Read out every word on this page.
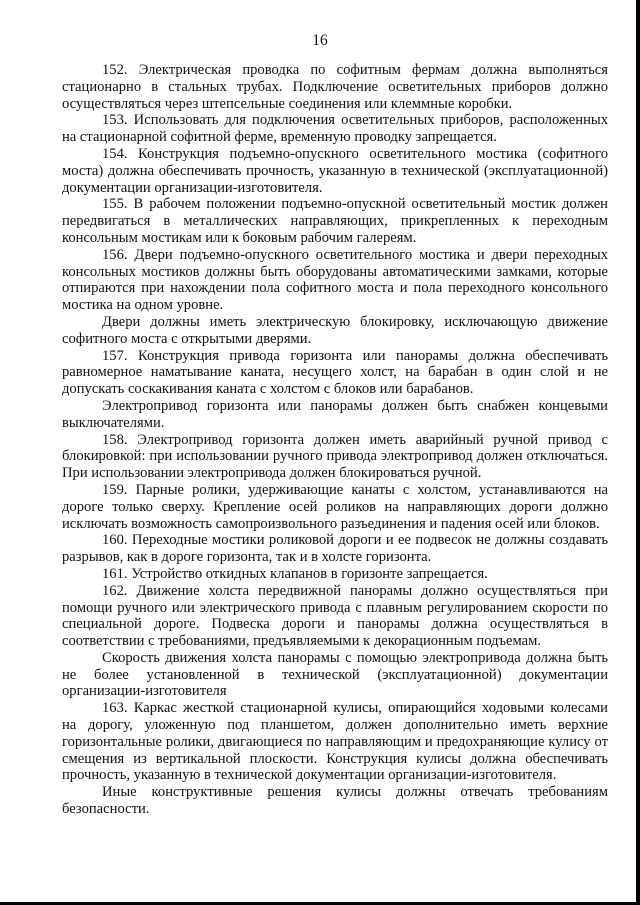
16

152. Электрическая проводка по софитным фермам должна выполняться стационарно в стальных трубах. Подключение осветительных приборов должно осуществляться через штепсельные соединения или клеммные коробки.

153. Использовать для подключения осветительных приборов, расположенных на стационарной софитной ферме, временную проводку запрещается.

154. Конструкция подъемно-опускного осветительного мостика (софитного моста) должна обеспечивать прочность, указанную в технической (эксплуатационной) документации организации-изготовителя.

155. В рабочем положении подъемно-опускной осветительный мостик должен передвигаться в металлических направляющих, прикрепленных к переходным консольным мостикам или к боковым рабочим галереям.

156. Двери подъемно-опускного осветительного мостика и двери переходных консольных мостиков должны быть оборудованы автоматическими замками, которые отпираются при нахождении пола софитного моста и пола переходного консольного мостика на одном уровне.

Двери должны иметь электрическую блокировку, исключающую движение софитного моста с открытыми дверями.

157. Конструкция привода горизонта или панорамы должна обеспечивать равномерное наматывание каната, несущего холст, на барабан в один слой и не допускать соскакивания каната с холстом с блоков или барабанов.

Электропривод горизонта или панорамы должен быть снабжен концевыми выключателями.

158. Электропривод горизонта должен иметь аварийный ручной привод с блокировкой: при использовании ручного привода электропривод должен отключаться. При использовании электропривода должен блокироваться ручной.

159. Парные ролики, удерживающие канаты с холстом, устанавливаются на дороге только сверху. Крепление осей роликов на направляющих дороги должно исключать возможность самопроизвольного разъединения и падения осей или блоков.

160. Переходные мостики роликовой дороги и ее подвесок не должны создавать разрывов, как в дороге горизонта, так и в холсте горизонта.

161. Устройство откидных клапанов в горизонте запрещается.

162. Движение холста передвижной панорамы должно осуществляться при помощи ручного или электрического привода с плавным регулированием скорости по специальной дороге. Подвеска дороги и панорамы должна осуществляться в соответствии с требованиями, предъявляемыми к декорационным подъемам.

Скорость движения холста панорамы с помощью электропривода должна быть не более установленной в технической (эксплуатационной) документации организации-изготовителя

163. Каркас жесткой стационарной кулисы, опирающийся ходовыми колесами на дорогу, уложенную под планшетом, должен дополнительно иметь верхние горизонтальные ролики, двигающиеся по направляющим и предохраняющие кулису от смещения из вертикальной плоскости. Конструкция кулисы должна обеспечивать прочность, указанную в технической документации организации-изготовителя.

Иные конструктивные решения кулисы должны отвечать требованиям безопасности.
